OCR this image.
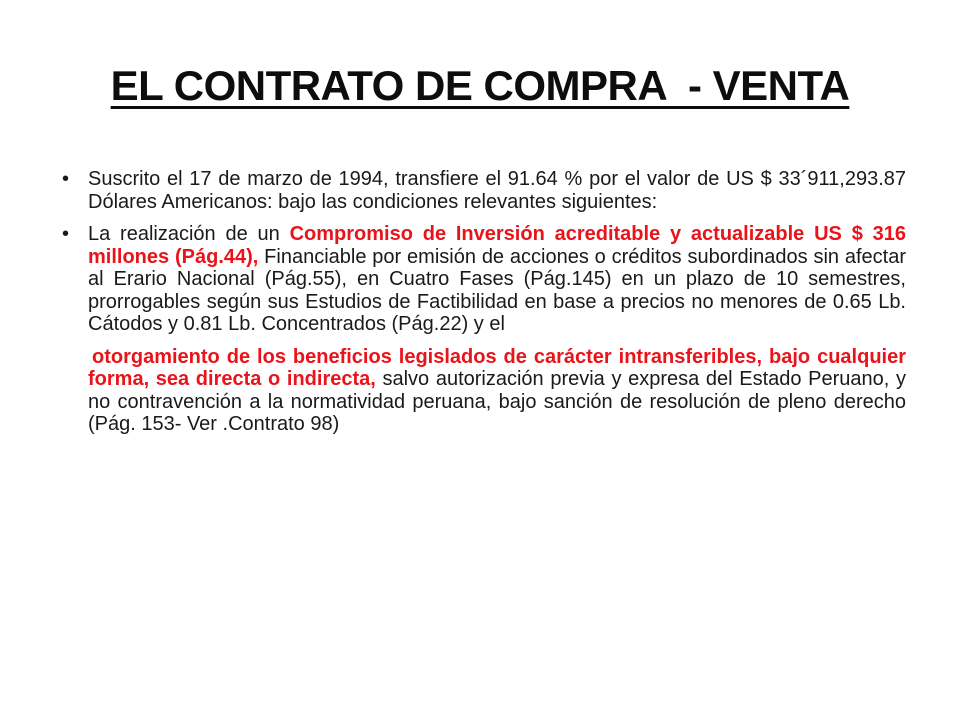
EL CONTRATO DE COMPRA  - VENTA

• Suscrito el 17 de marzo de 1994, transfiere el 91.64 % por el valor de US $ 33´911,293.87 Dólares Americanos: bajo las condiciones relevantes siguientes:

• La realización de un Compromiso de Inversión acreditable y actualizable US $ 316 millones (Pág.44), Financiable por emisión de acciones o créditos subordinados sin afectar al Erario Nacional (Pág.55), en Cuatro Fases (Pág.145) en un plazo de 10 semestres, prorrogables según sus Estudios de Factibilidad en base a precios no menores de 0.65 Lb. Cátodos y 0.81 Lb. Concentrados (Pág.22) y el

otorgamiento de los beneficios legislados de carácter intransferibles, bajo cualquier forma, sea directa o indirecta, salvo autorización previa y expresa del Estado Peruano, y no contravención a la normatividad peruana, bajo sanción de resolución de pleno derecho (Pág. 153- Ver .Contrato 98)
